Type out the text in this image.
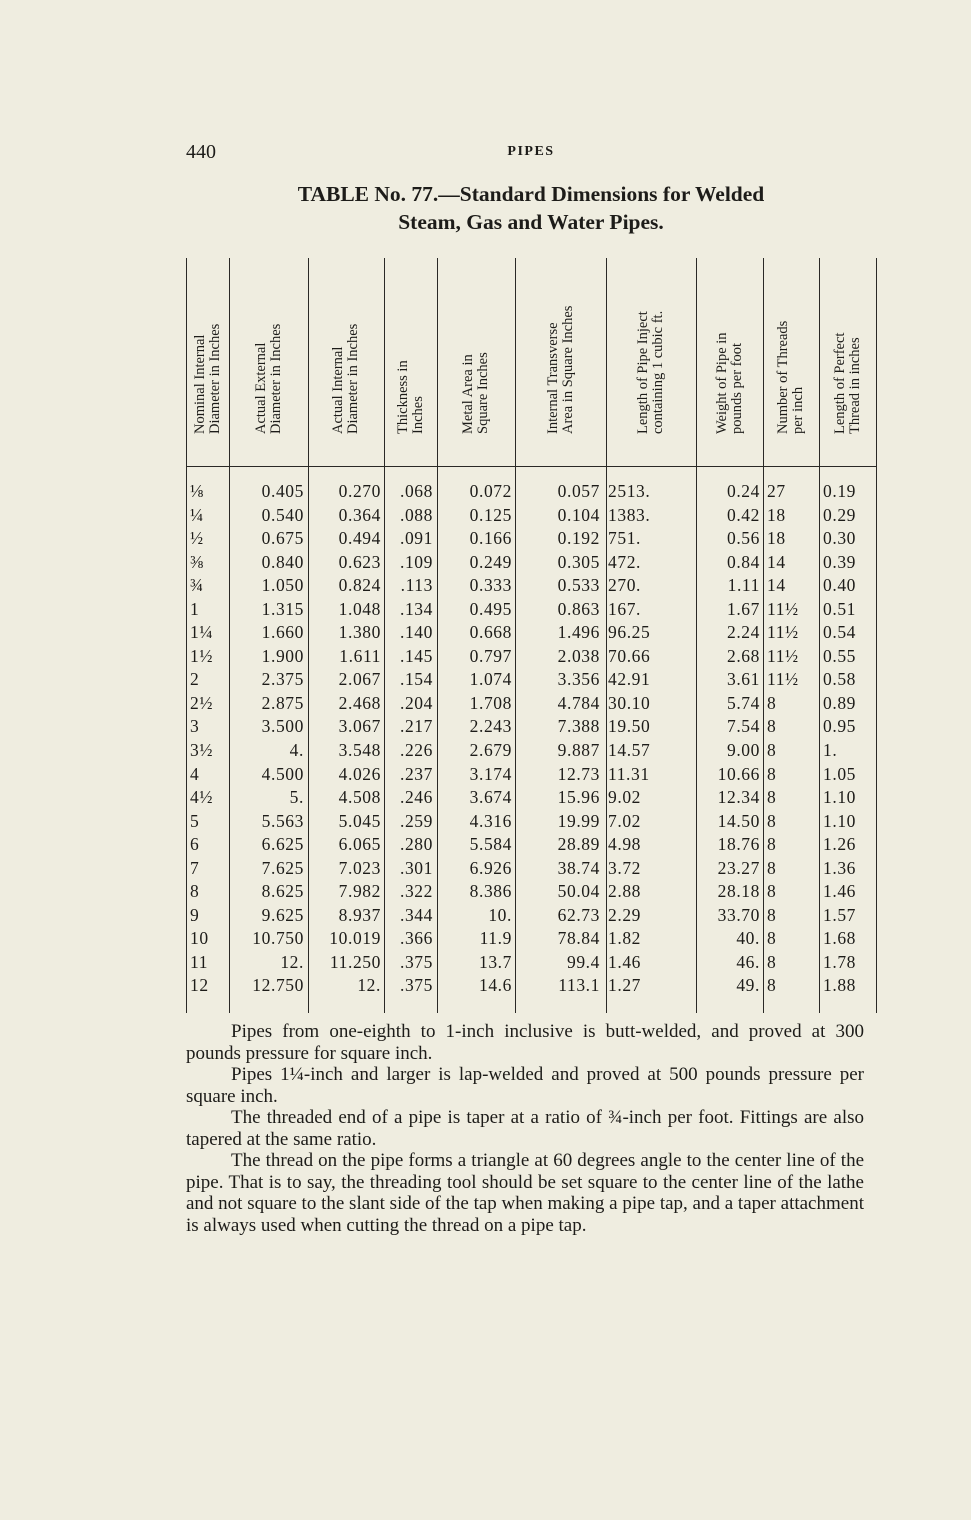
440	PIPES
TABLE No. 77.—Standard Dimensions for Welded
Steam, Gas and Water Pipes.
Nominal Internal Diameter in Inches
⅛
¼
½
⅜
¾
1
1¼
1½
2
2½
3
3½
4
4½
5
6
7
8
9
10
11
12
Actual External Diameter in Inches
0.405
0.540
0.675
0.840
1.050
1.315
1.660
1.900
2.375
2.875
3.500
4.
4.500
5.
5.563
6.625
7.625
8.625
9.625
10.750
12.
12.750
Actual Internal Diameter in Inches
0.270
0.364
0.494
0.623
0.824
1.048
1.380
1.611
2.067
2.468
3.067
3.548
4.026
4.508
5.045
6.065
7.023
7.982
8.937
10.019
11.250
12.
Thickness in Inches
.068
.088
.091
.109
.113
.134
.140
.145
.154
.204
.217
.226
.237
.246
.259
.280
.301
.322
.344
.366
.375
.375
Metal Area in Square Inches
0.072
0.125
0.166
0.249
0.333
0.495
0.668
0.797
1.074
1.708
2.243
2.679
3.174
3.674
4.316
5.584
6.926
8.386
10.
11.9
13.7
14.6
Internal Transverse Area in Square Inches
0.057
0.104
0.192
0.305
0.533
0.863
1.496
2.038
3.356
4.784
7.388
9.887
12.73
15.96
19.99
28.89
38.74
50.04
62.73
78.84
99.4
113.1
Length of Pipe Inject containing 1 cubic ft.
2513.
1383.
751.
472.
270.
167.
96.25
70.66
42.91
30.10
19.50
14.57
11.31
9.02
7.02
4.98
3.72
2.88
2.29
1.82
1.46
1.27
Weight of Pipe in pounds per foot
0.24
0.42
0.56
0.84
1.11
1.67
2.24
2.68
3.61
5.74
7.54
9.00
10.66
12.34
14.50
18.76
23.27
28.18
33.70
40.
46.
49.
Number of Threads per inch
27
18
18
14
14
11½
11½
11½
11½
8
8
8
8
8
8
8
8
8
8
8
8
8
Length of Perfect Thread in inches
0.19
0.29
0.30
0.39
0.40
0.51
0.54
0.55
0.58
0.89
0.95
1.
1.05
1.10
1.10
1.26
1.36
1.46
1.57
1.68
1.78
1.88

Pipes from one-eighth to 1-inch inclusive is butt-welded, and proved at 300 pounds pressure for square inch.

Pipes 1¼-inch and larger is lap-welded and proved at 500 pounds pressure per square inch.

The threaded end of a pipe is taper at a ratio of ¾-inch per foot. Fittings are also tapered at the same ratio.

The thread on the pipe forms a triangle at 60 degrees angle to the center line of the pipe. That is to say, the threading tool should be set square to the center line of the lathe and not square to the slant side of the tap when making a pipe tap, and a taper attachment is always used when cutting the thread on a pipe tap.
